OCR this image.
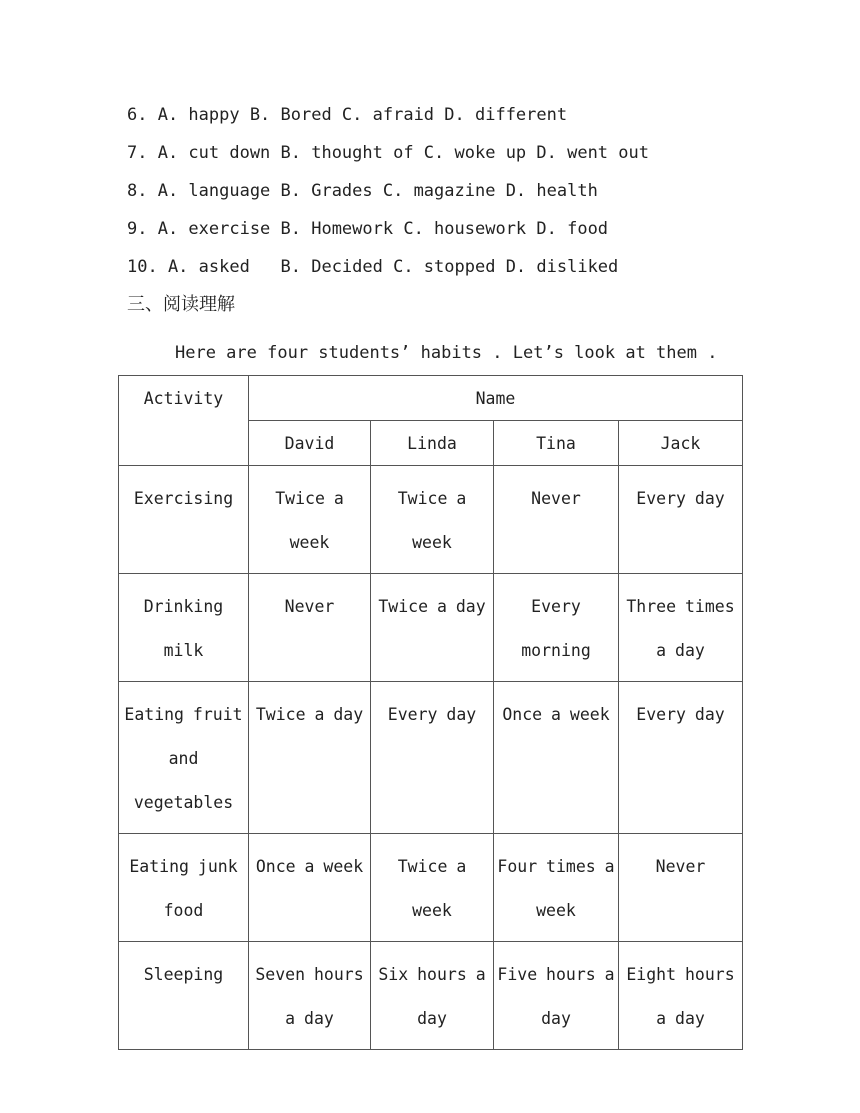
6. A. happy B. Bored C. afraid D. different
7. A. cut down B. thought of C. woke up D. went out
8. A. language B. Grades C. magazine D. health
9. A. exercise B. Homework C. housework D. food
10. A. asked   B. Decided C. stopped D. disliked
三、阅读理解
Here are four students’ habits . Let’s look at them .
Activity	Name			
	David	Linda	Tina	Jack
Exercising	Twice a week	Twice a week	Never	Every day
Drinking milk	Never	Twice a day	Every morning	Three times a day
Eating fruit and vegetables	Twice a day	Every day	Once a week	Every day
Eating junk food	Once a week	Twice a week	Four times a week	Never
Sleeping	Seven hours a day	Six hours a day	Five hours a day	Eight hours a day
